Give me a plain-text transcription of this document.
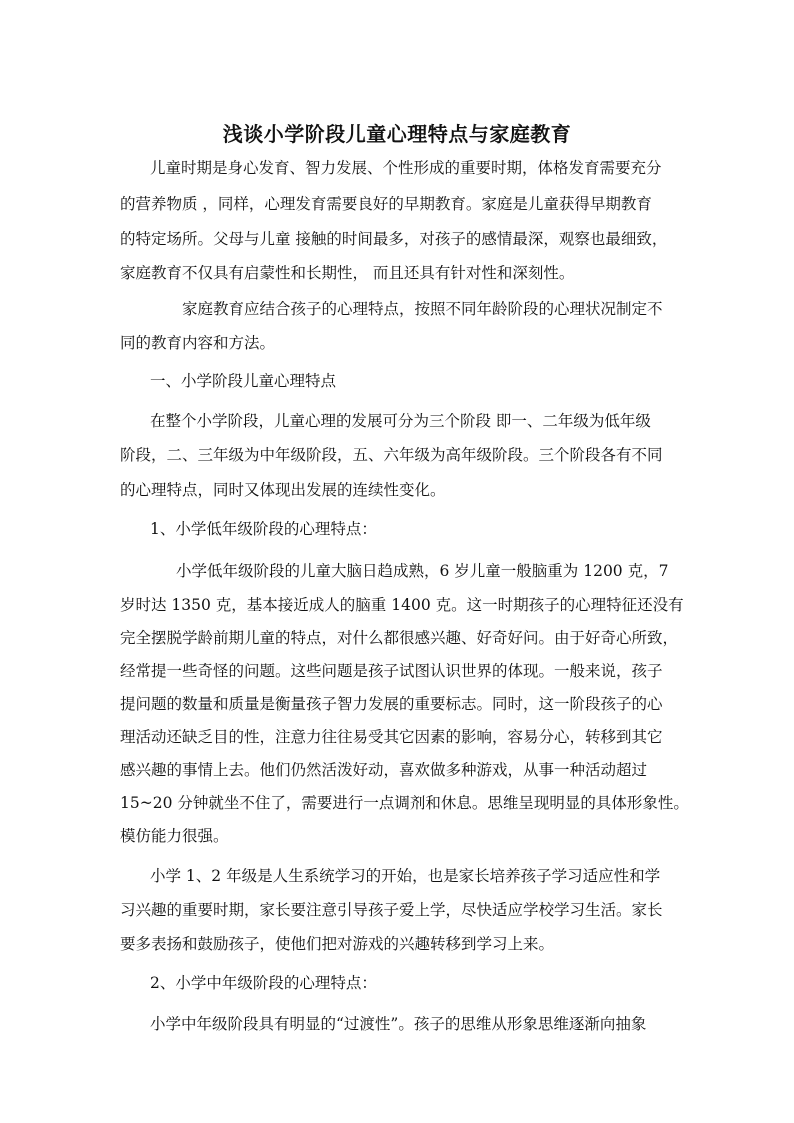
浅谈小学阶段儿童心理特点与家庭教育
儿童时期是身心发育、智力发展、个性形成的重要时期，体格发育需要充分
的营养物质 ，同样，心理发育需要良好的早期教育。家庭是儿童获得早期教育
的特定场所。父母与儿童 接触的时间最多，对孩子的感情最深，观察也最细致，
家庭教育不仅具有启蒙性和长期性， 而且还具有针对性和深刻性。
家庭教育应结合孩子的心理特点，按照不同年龄阶段的心理状况制定不
同的教育内容和方法。
一、小学阶段儿童心理特点
在整个小学阶段，儿童心理的发展可分为三个阶段 即一、二年级为低年级
阶段，二、三年级为中年级阶段，五、六年级为高年级阶段。三个阶段各有不同
的心理特点，同时又体现出发展的连续性变化。
1、小学低年级阶段的心理特点：
小学低年级阶段的儿童大脑日趋成熟，6 岁儿童一般脑重为 1200 克，7
岁时达 1350 克，基本接近成人的脑重 1400 克。这一时期孩子的心理特征还没有
完全摆脱学龄前期儿童的特点，对什么都很感兴趣、好奇好问。由于好奇心所致，
经常提一些奇怪的问题。这些问题是孩子试图认识世界的体现。一般来说，孩子
提问题的数量和质量是衡量孩子智力发展的重要标志。同时，这一阶段孩子的心
理活动还缺乏目的性，注意力往往易受其它因素的影响，容易分心，转移到其它
感兴趣的事情上去。他们仍然活泼好动，喜欢做多种游戏，从事一种活动超过
15~20 分钟就坐不住了，需要进行一点调剂和休息。思维呈现明显的具体形象性。
模仿能力很强。
小学 1、2 年级是人生系统学习的开始，也是家长培养孩子学习适应性和学
习兴趣的重要时期，家长要注意引导孩子爱上学，尽快适应学校学习生活。家长
要多表扬和鼓励孩子，使他们把对游戏的兴趣转移到学习上来。
2、小学中年级阶段的心理特点：
小学中年级阶段具有明显的“过渡性”。孩子的思维从形象思维逐渐向抽象
